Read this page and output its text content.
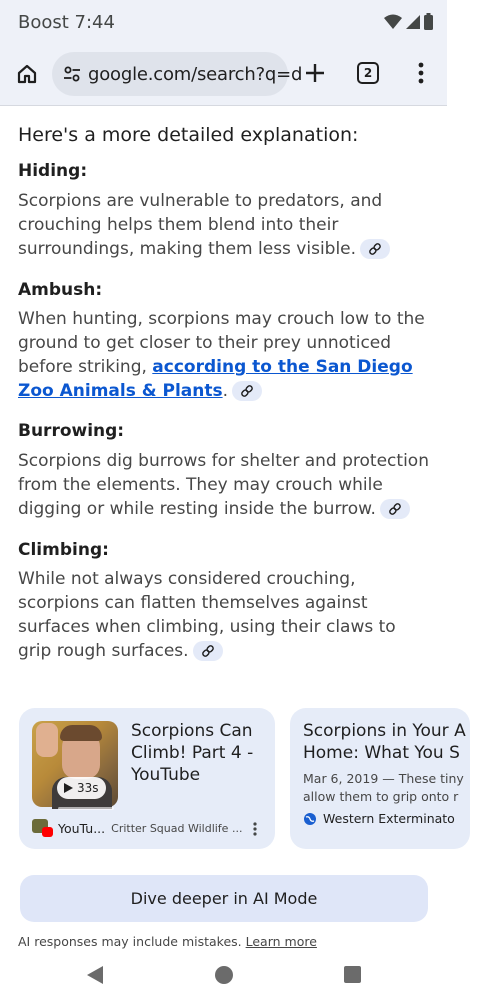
Boost 7:44
google.com/search?q=d	2
Here's a more detailed explanation:
Hiding:
Scorpions are vulnerable to predators, and crouching helps them blend into their surroundings, making them less visible.
Ambush:
When hunting, scorpions may crouch low to the ground to get closer to their prey unnoticed before striking, according to the San Diego Zoo Animals & Plants.
Burrowing:
Scorpions dig burrows for shelter and protection from the elements. They may crouch while digging or while resting inside the burrow.
Climbing:
While not always considered crouching, scorpions can flatten themselves against surfaces when climbing, using their claws to grip rough surfaces.
33s
Scorpions Can Climb! Part 4 - YouTube
YouTu... Critter Squad Wildlife ...
Scorpions in Your A
Home: What You S
Mar 6, 2019 — These tiny
allow them to grip onto r
Western Exterminato
Dive deeper in AI Mode
AI responses may include mistakes. Learn more
